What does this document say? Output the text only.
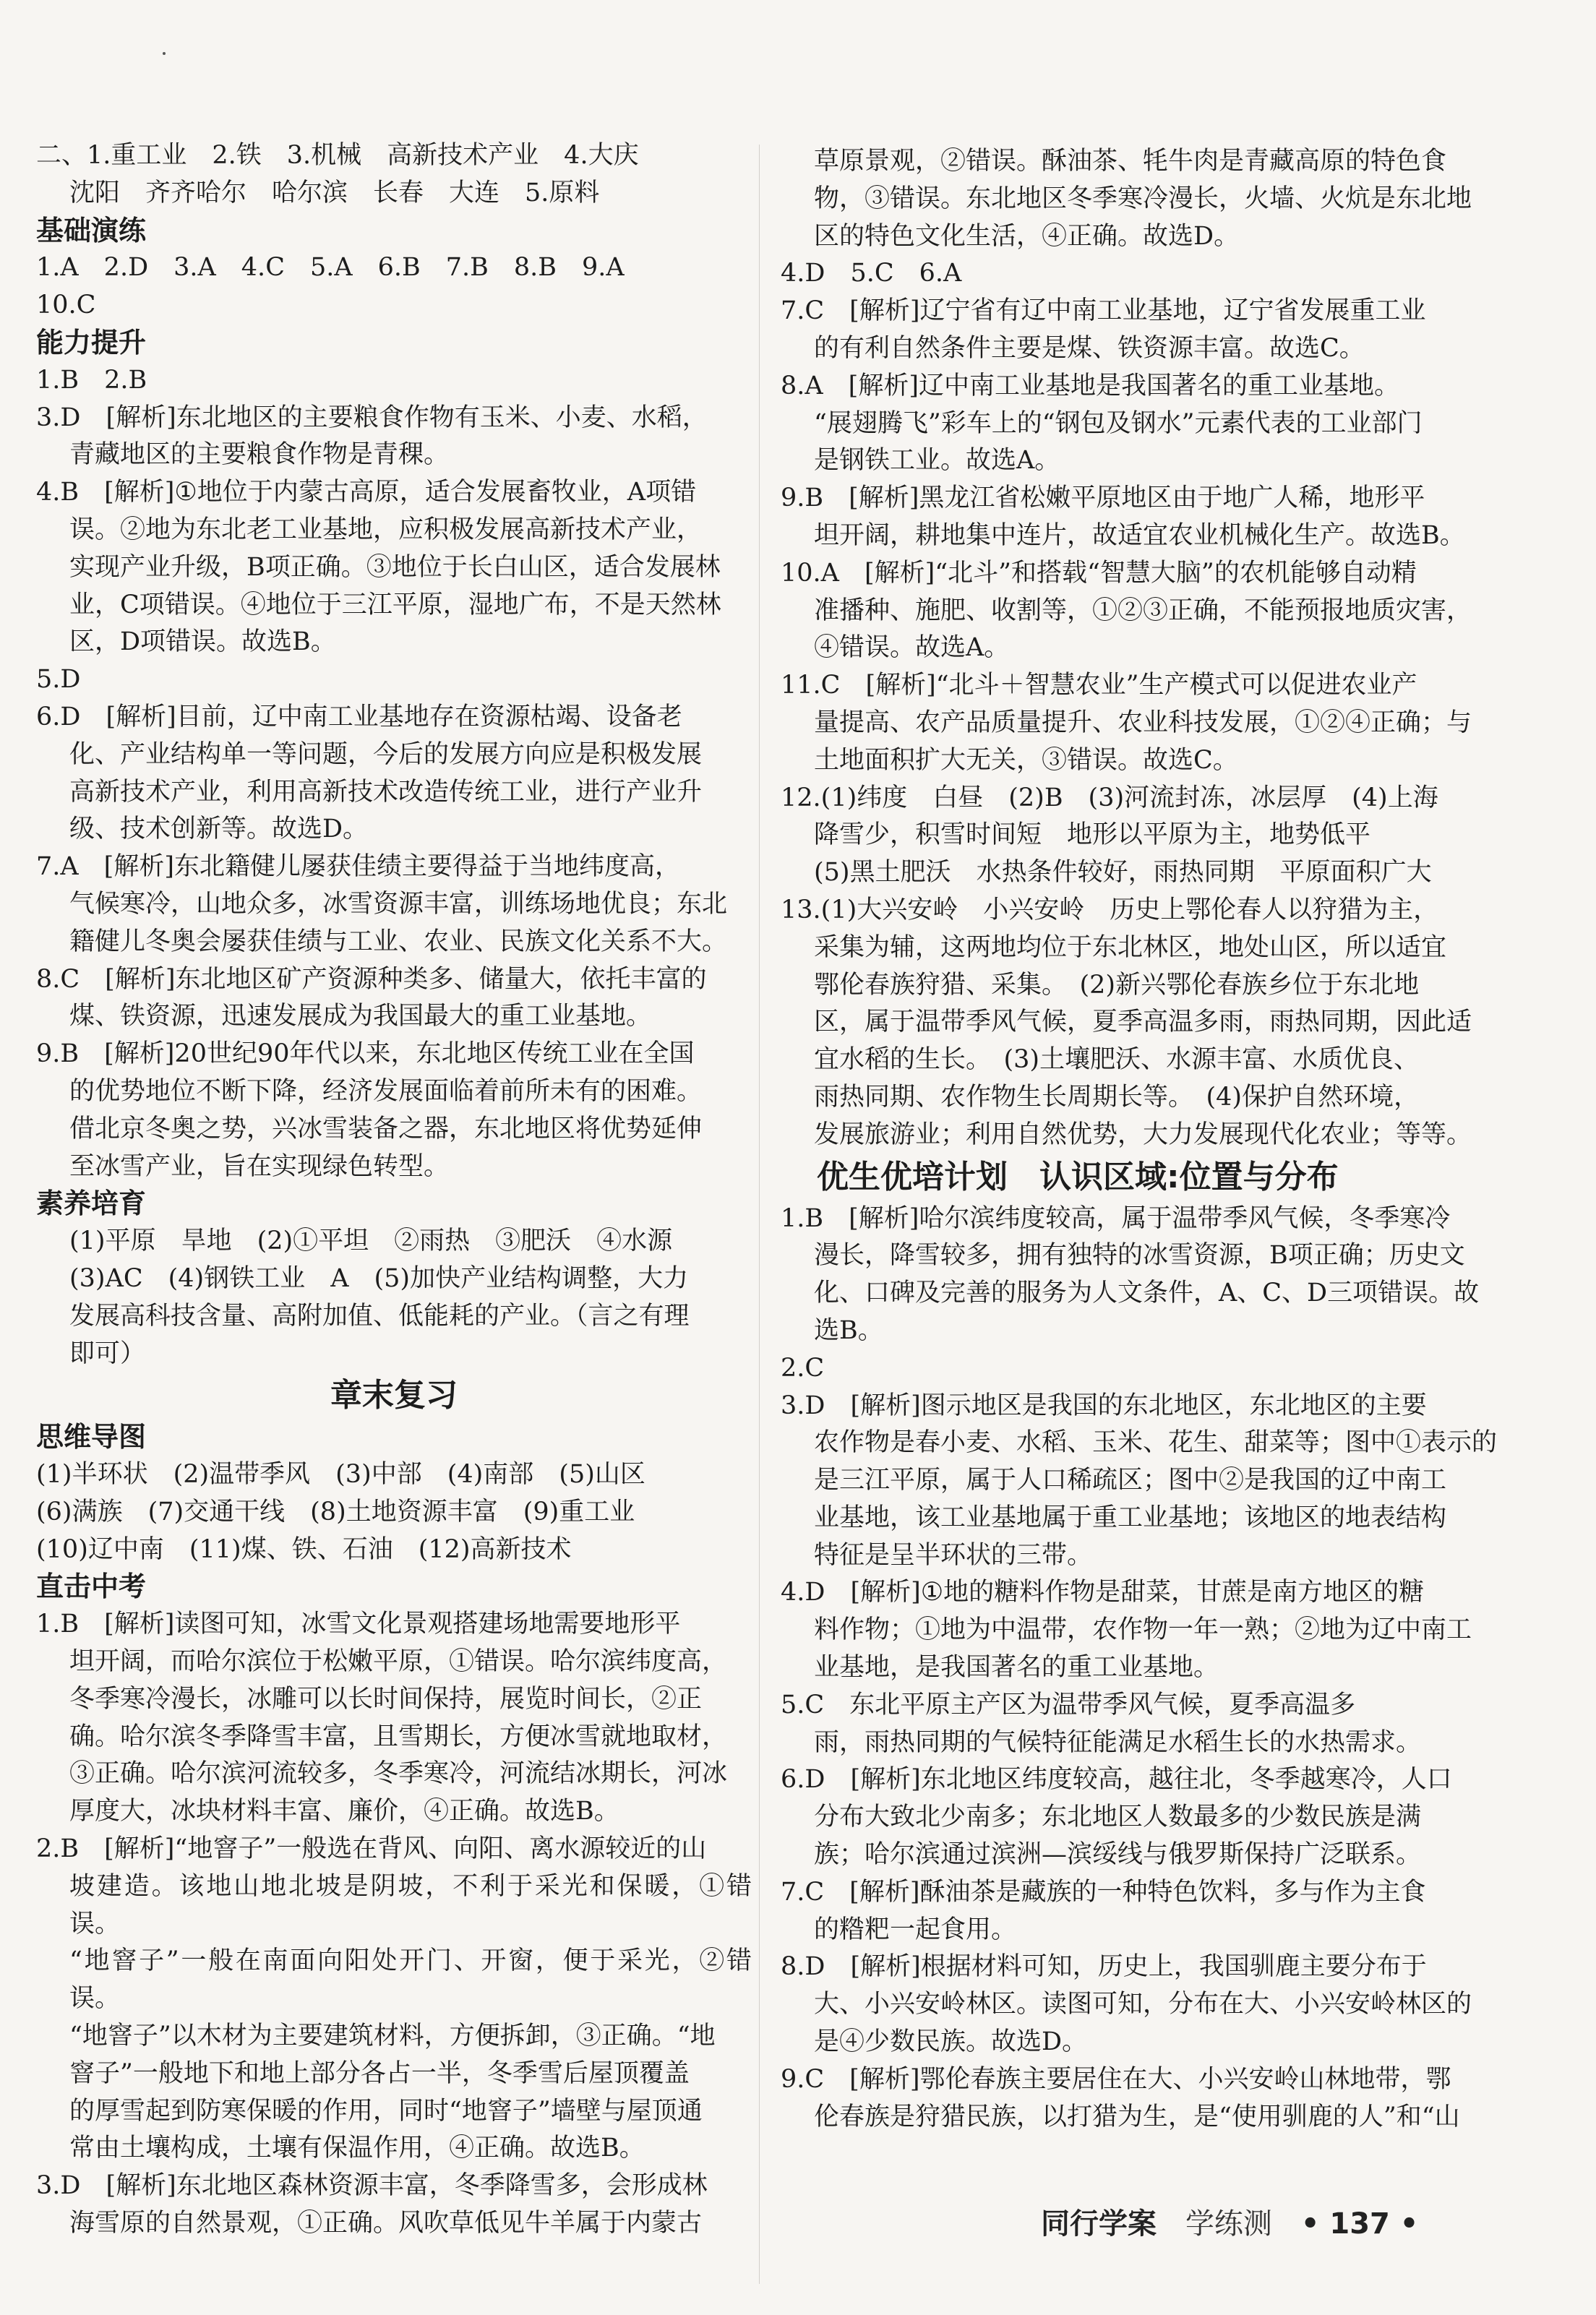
二、1.重工业　2.铁　3.机械　高新技术产业　4.大庆
沈阳　齐齐哈尔　哈尔滨　长春　大连　5.原料
基础演练
1.A　2.D　3.A　4.C　5.A　6.B　7.B　8.B　9.A
10.C
能力提升
1.B　2.B
3.D　[解析]东北地区的主要粮食作物有玉米、小麦、水稻，
青藏地区的主要粮食作物是青稞。
4.B　[解析]①地位于内蒙古高原，适合发展畜牧业，A项错
误。②地为东北老工业基地，应积极发展高新技术产业，
实现产业升级，B项正确。③地位于长白山区，适合发展林
业，C项错误。④地位于三江平原，湿地广布，不是天然林
区，D项错误。故选B。
5.D
6.D　[解析]目前，辽中南工业基地存在资源枯竭、设备老
化、产业结构单一等问题，今后的发展方向应是积极发展
高新技术产业，利用高新技术改造传统工业，进行产业升
级、技术创新等。故选D。
7.A　[解析]东北籍健儿屡获佳绩主要得益于当地纬度高，
气候寒冷，山地众多，冰雪资源丰富，训练场地优良；东北
籍健儿冬奥会屡获佳绩与工业、农业、民族文化关系不大。
8.C　[解析]东北地区矿产资源种类多、储量大，依托丰富的
煤、铁资源，迅速发展成为我国最大的重工业基地。
9.B　[解析]20世纪90年代以来，东北地区传统工业在全国
的优势地位不断下降，经济发展面临着前所未有的困难。
借北京冬奥之势，兴冰雪装备之器，东北地区将优势延伸
至冰雪产业，旨在实现绿色转型。
素养培育
(1)平原　旱地　(2)①平坦　②雨热　③肥沃　④水源
(3)AC　(4)钢铁工业　A　(5)加快产业结构调整，大力
发展高科技含量、高附加值、低能耗的产业。（言之有理
即可）
章末复习
思维导图
(1)半环状　(2)温带季风　(3)中部　(4)南部　(5)山区
(6)满族　(7)交通干线　(8)土地资源丰富　(9)重工业
(10)辽中南　(11)煤、铁、石油　(12)高新技术
直击中考
1.B　[解析]读图可知，冰雪文化景观搭建场地需要地形平
坦开阔，而哈尔滨位于松嫩平原，①错误。哈尔滨纬度高，
冬季寒冷漫长，冰雕可以长时间保持，展览时间长，②正
确。哈尔滨冬季降雪丰富，且雪期长，方便冰雪就地取材，
③正确。哈尔滨河流较多，冬季寒冷，河流结冰期长，河冰
厚度大，冰块材料丰富、廉价，④正确。故选B。
2.B　[解析]“地窨子”一般选在背风、向阳、离水源较近的山
坡建造。该地山地北坡是阴坡，不利于采光和保暖，①错误。
“地窨子”一般在南面向阳处开门、开窗，便于采光，②错误。
“地窨子”以木材为主要建筑材料，方便拆卸，③正确。“地
窨子”一般地下和地上部分各占一半，冬季雪后屋顶覆盖
的厚雪起到防寒保暖的作用，同时“地窨子”墙壁与屋顶通
常由土壤构成，土壤有保温作用，④正确。故选B。
3.D　[解析]东北地区森林资源丰富，冬季降雪多，会形成林
海雪原的自然景观，①正确。风吹草低见牛羊属于内蒙古
草原景观，②错误。酥油茶、牦牛肉是青藏高原的特色食
物，③错误。东北地区冬季寒冷漫长，火墙、火炕是东北地
区的特色文化生活，④正确。故选D。
4.D　5.C　6.A
7.C　[解析]辽宁省有辽中南工业基地，辽宁省发展重工业
的有利自然条件主要是煤、铁资源丰富。故选C。
8.A　[解析]辽中南工业基地是我国著名的重工业基地。
“展翅腾飞”彩车上的“钢包及钢水”元素代表的工业部门
是钢铁工业。故选A。
9.B　[解析]黑龙江省松嫩平原地区由于地广人稀，地形平
坦开阔，耕地集中连片，故适宜农业机械化生产。故选B。
10.A　[解析]“北斗”和搭载“智慧大脑”的农机能够自动精
准播种、施肥、收割等，①②③正确，不能预报地质灾害，
④错误。故选A。
11.C　[解析]“北斗＋智慧农业”生产模式可以促进农业产
量提高、农产品质量提升、农业科技发展，①②④正确；与
土地面积扩大无关，③错误。故选C。
12.(1)纬度　白昼　(2)B　(3)河流封冻，冰层厚　(4)上海
降雪少，积雪时间短　地形以平原为主，地势低平
(5)黑土肥沃　水热条件较好，雨热同期　平原面积广大
13.(1)大兴安岭　小兴安岭　历史上鄂伦春人以狩猎为主，
采集为辅，这两地均位于东北林区，地处山区，所以适宜
鄂伦春族狩猎、采集。　(2)新兴鄂伦春族乡位于东北地
区，属于温带季风气候，夏季高温多雨，雨热同期，因此适
宜水稻的生长。　(3)土壤肥沃、水源丰富、水质优良、
雨热同期、农作物生长周期长等。　(4)保护自然环境，
发展旅游业；利用自然优势，大力发展现代化农业；等等。
优生优培计划　认识区域:位置与分布
1.B　[解析]哈尔滨纬度较高，属于温带季风气候，冬季寒冷
漫长，降雪较多，拥有独特的冰雪资源，B项正确；历史文
化、口碑及完善的服务为人文条件，A、C、D三项错误。故
选B。
2.C
3.D　[解析]图示地区是我国的东北地区，东北地区的主要
农作物是春小麦、水稻、玉米、花生、甜菜等；图中①表示的
是三江平原，属于人口稀疏区；图中②是我国的辽中南工
业基地，该工业基地属于重工业基地；该地区的地表结构
特征是呈半环状的三带。
4.D　[解析]①地的糖料作物是甜菜，甘蔗是南方地区的糖
料作物；①地为中温带，农作物一年一熟；②地为辽中南工
业基地，是我国著名的重工业基地。
5.C　东北平原主产区为温带季风气候，夏季高温多
雨，雨热同期的气候特征能满足水稻生长的水热需求。
6.D　[解析]东北地区纬度较高，越往北，冬季越寒冷，人口
分布大致北少南多；东北地区人数最多的少数民族是满
族；哈尔滨通过滨洲—滨绥线与俄罗斯保持广泛联系。
7.C　[解析]酥油茶是藏族的一种特色饮料，多与作为主食
的糌粑一起食用。
8.D　[解析]根据材料可知，历史上，我国驯鹿主要分布于
大、小兴安岭林区。读图可知，分布在大、小兴安岭林区的
是④少数民族。故选D。
9.C　[解析]鄂伦春族主要居住在大、小兴安岭山林地带，鄂
伦春族是狩猎民族，以打猎为生，是“使用驯鹿的人”和“山
同行学案 学练测 • 137 •
